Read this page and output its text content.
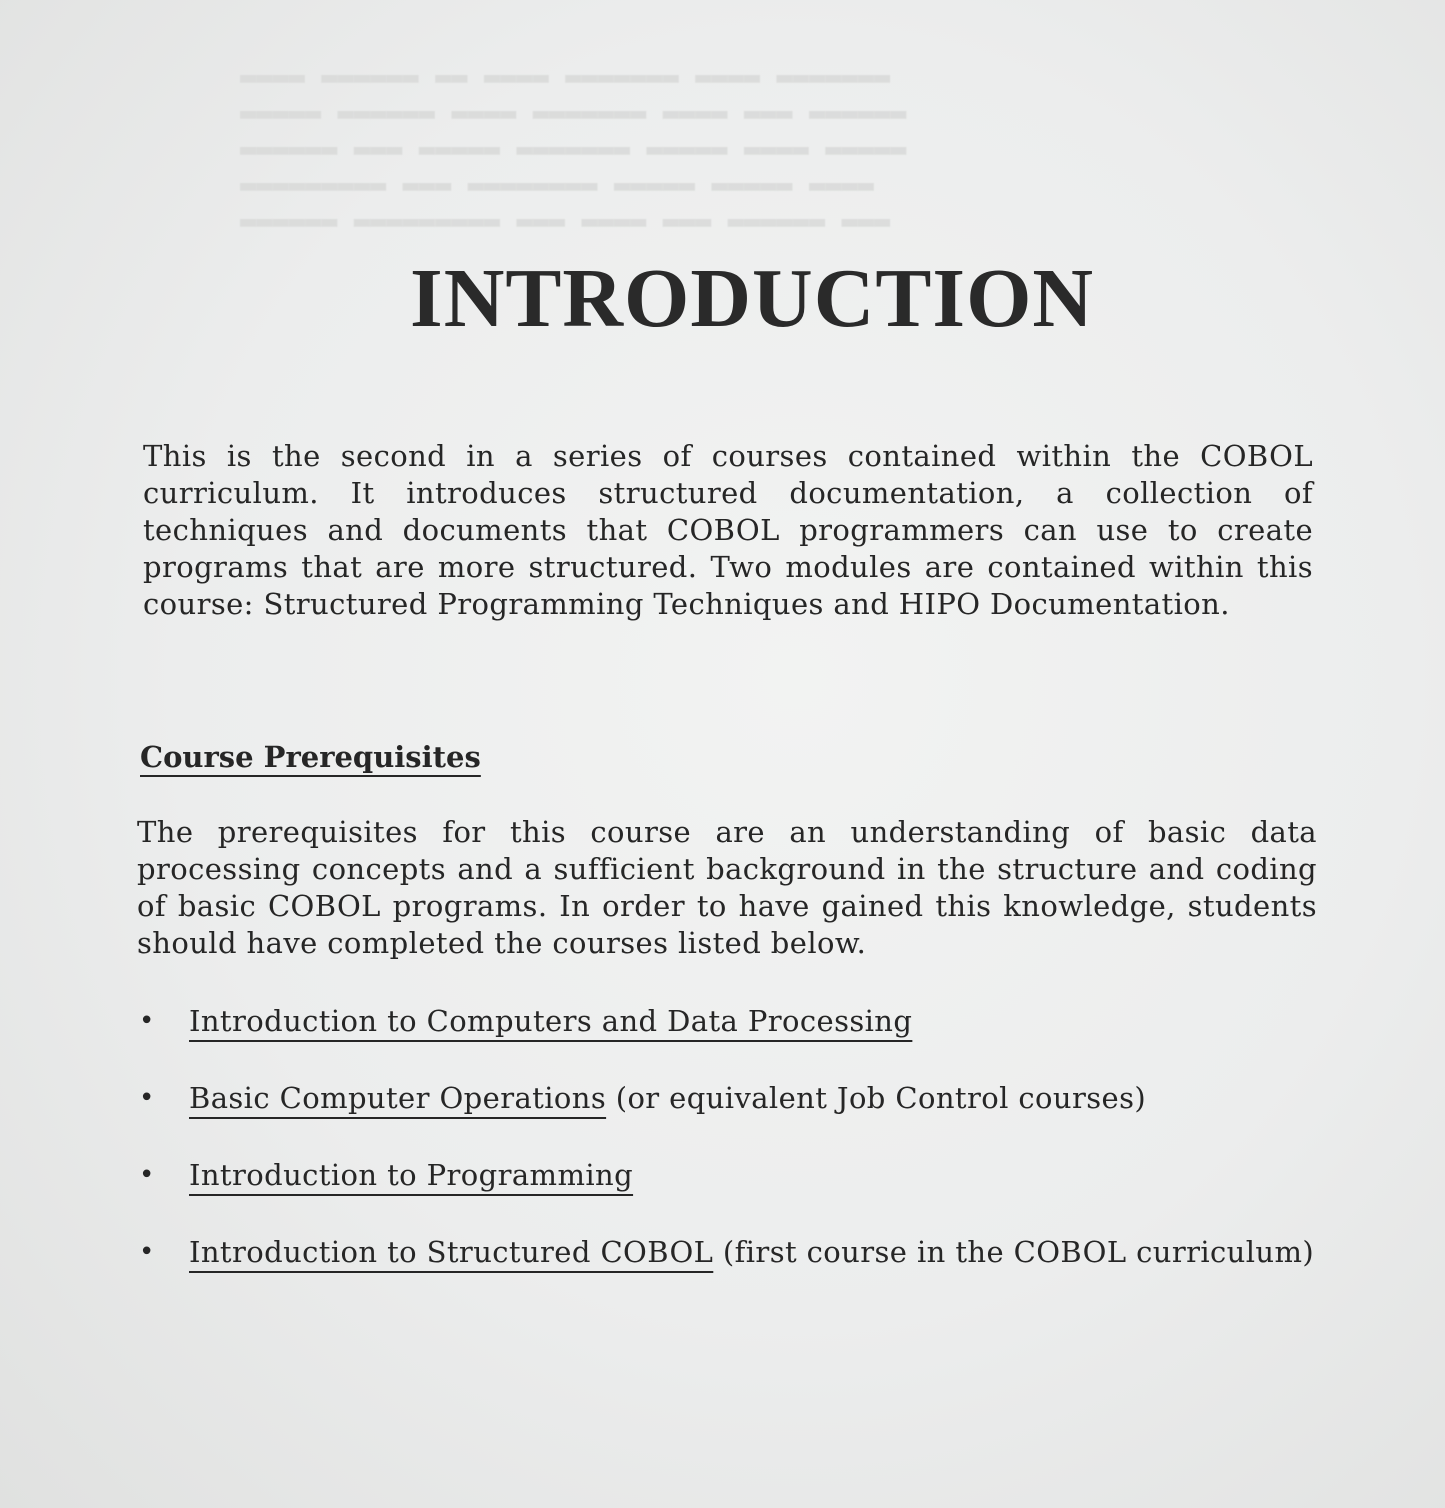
▬▬▬▬ ▬▬▬▬▬▬ ▬▬ ▬▬▬▬ ▬▬▬▬▬▬▬ ▬▬▬▬ ▬▬▬▬▬▬▬
▬▬▬▬▬ ▬▬▬▬▬▬ ▬▬▬▬ ▬▬▬▬▬▬▬ ▬▬▬▬ ▬▬▬ ▬▬▬▬▬▬
▬▬▬▬▬▬ ▬▬▬ ▬▬▬▬▬ ▬▬▬▬▬▬▬ ▬▬▬▬▬ ▬▬▬▬ ▬▬▬▬▬
▬▬▬▬▬▬▬▬▬ ▬▬▬ ▬▬▬▬▬▬▬▬ ▬▬▬▬▬ ▬▬▬▬▬ ▬▬▬▬
▬▬▬▬▬▬ ▬▬▬▬▬▬▬▬▬ ▬▬▬ ▬▬▬▬ ▬▬▬ ▬▬▬▬▬▬ ▬▬▬

INTRODUCTION

This is the second in a series of courses contained within the COBOL curriculum. It introduces structured documentation, a collection of techniques and documents that COBOL programmers can use to create programs that are more structured. Two modules are contained within this course: Structured Programming Techniques and HIPO Documentation.

Course Prerequisites

The prerequisites for this course are an understanding of basic data processing concepts and a sufficient background in the structure and coding of basic COBOL programs. In order to have gained this knowledge, students should have completed the courses listed below.

• Introduction to Computers and Data Processing
• Basic Computer Operations (or equivalent Job Control courses)
• Introduction to Programming
• Introduction to Structured COBOL (first course in the COBOL curriculum)
